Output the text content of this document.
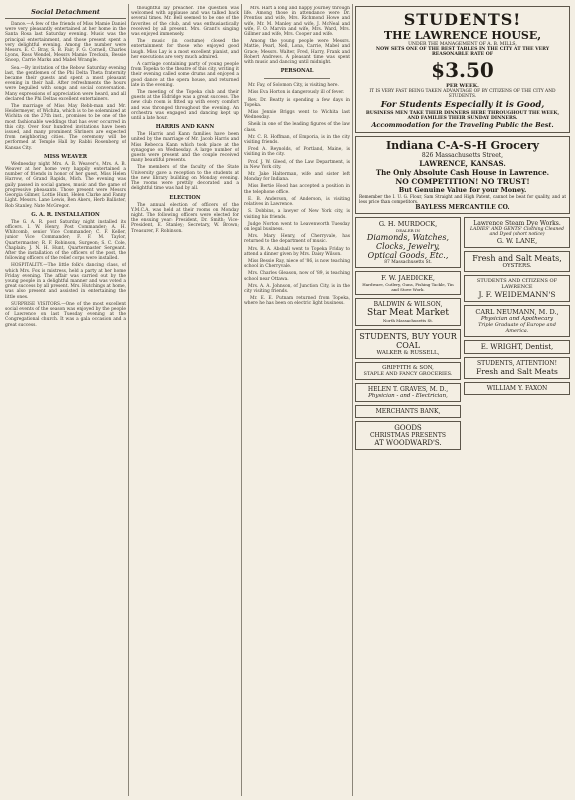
Social Detachment

Dance.—A few of the friends of Miss Mamie Daniel were very pleasantly entertained at her home in the Santa Rosa last Saturday evening. Music was the principal entertainment, and those present spent a very delightful evening. Among the number were Messrs. E. C. Bray, S. B. Fair, F. G. Cornell, Charles Lyons, Ross Wendel, Messrs Mamie Trecksin, Bessie Snoop, Carrie Marks and Mabel Wrangle.

Sea.—By invitation of the Rebow Saturday evening last, the gentlemen of the Phi Delta Theta fraternity became their guests and spent a most pleasant evening in their hall. After refreshments the hours were beguiled with songs and social conversation. Many expressions of appreciation were heard, and all declared the Phi Deltas excellent entertainers.

The marriage of Miss May Rebb-man and Mr. Heidermeyer, of Wichita, which is to be solemnized at Wichita on the 27th inst., promises to be one of the most fashionable weddings that has ever occurred in this city. Over four hundred invitations have been issued, and many prominent Shriners are expected from neighboring cities. The ceremony will be performed at Temple Hall by Rabbi Rosenberg of Kansas City.

MISS WEAVER

Wednesday night Mrs. A. B. Weaver's, Mrs. A. B. Weaver at her home very happily entertained a number of friends in honor of her guest, Miss Helen Harrow, of Grand Rapids, Mich. The evening was gaily passed in social games, music and the game of progressive pheasants. Those present were Messrs Georgia Gilmer, Lottie Hunt, Helen Clarke and Fanny Light. Messrs. Lane Lewis, Ben Akers, Herb Ballister, Rob Stanley, Nate McGregor.

G. A. R. INSTALLATION

The G. A. R. post Saturday night installed its officers. I. W. Henry, Post Commander; A. H. Whitcomb, senior Vice Commander; C. F. Keller, junior Vice Commander; F. F. M. Taylor, Quartermaster; R. F. Robinson, Surgeon; S. C. Cole, Chaplain; J. N. H. Hunt, Quartermaster Sergeant. After the installation of the officers of the post, the following officers of the relief corps were installed.

HOSPITALITY.—The little folk's dancing class, of which Mrs. Fox is mistress, held a party at her home Friday evening. The affair was carried out by the young people in a delightful manner and was voted a great success by all present. Mrs. Hutchings at home, was also present and assisted in entertaining the little ones.

SURPRISE VISITORS.—One of the most excellent social events of the season was enjoyed by the people of Lawrence on last Tuesday evening at the Congregational church. It was a gala occasion and a great success.

thoughtful lay preacher. The question was welcomed with applause and was talked back several times. Mr. Bell seemed to be one of the favorites of the club, and was enthusiastically received by all present. Mrs. Grant's singing was enjoyed immensely.

The music (in costume) closed the entertainment for those who enjoyed good laugh. Miss Lay is a most excellent pianist, and her executions are very much admired.

A carriage containing party of young people from Topeka to the theatre of this city, writing it their evening called some drums and enjoyed a good dance at the opera house, and returned late in the evening.

The meeting of the Topeka club and their guests at the Eldridge was a great success. The new club room is fitted up with every comfort and was thronged throughout the evening. An orchestra was engaged and dancing kept up until a late hour.

HARRIS AND KANN

The Harris and Kann families have been united by the marriage of Mr. Jacob Harris and Miss Rebecca Kann which took place at the synagogue on Wednesday. A large number of guests were present and the couple received many beautiful presents.

The members of the faculty of the State University gave a reception to the students at the new library building on Monday evening. The rooms were prettily decorated and a delightful time was had by all.

ELECTION

The annual election of officers of the Y.M.C.A. was held at their rooms on Monday night. The following officers were elected for the ensuing year: President, Dr. Smith; Vice-President, E. Stanley; Secretary, W. Brown; Treasurer, F. Robinson.

Mrs. Hart a long and happy journey through life. Among those in attendance were Dr. Prentiss and wife, Mrs. Richmond Howe and wife, Mr. M. Manley and wife, J. McNeal and wife, F. O. Marvin and wife, Mrs. Ward, Mrs. Gillmer and wife, Mrs. Cooper and wife.

Among the young people were Messrs. Mattie, Pearl, Nell, Lona, Carrie, Mabel and Grace; Messrs. Walter, Fred, Harry, Frank and Robert Andrews. A pleasant time was spent with music and dancing until midnight.

PERSONAL

Mr. Fay, of Solomon City, is visiting here.

Miss Eva Horton is dangerously ill of fever.

Rev. Dr. Beatty is spending a few days in Topeka.

Miss Jennie Briggs went to Wichita last Wednesday.

Sheik in one of the leading figures of the law class.

Mr. C. R. Hoffman, of Emporia, is in the city visiting friends.

Fred A. Reynolds, of Portland, Maine, is visiting in the city.

Prof. J. W. Gleed, of the Law Department, is in New York city.

Mr. Jake Halterman, wife and sister left Monday for Indiana.

Miss Bertie Hood has accepted a position in the telephone office.

E. B. Anderson, of Anderson, is visiting relatives in Lawrence.

S. Dobbins, a lawyer of New York city, is visiting his friends.

Judge Norton went to Leavenworth Tuesday on legal business.

Mrs. Mary Henry, of Cherryvale, has returned to the department of music.

Mrs. R. A. Abshall went to Topeka Friday to attend a dinner given by Mrs. Daisy Wilson.

Miss Bessie Ray, niece of '86, is now teaching school in Cherryvale.

Mrs. Charles Gleason, now of '89, is teaching school near Ottawa.

Mrs. A. A. Johnson, of Junction City, is in the city visiting friends.

Mr. E. E. Putnam returned from Topeka, where he has been on electric light business.

STUDENTS!
THE LAWRENCE HOUSE,
UNDER THE MANAGEMENT OF A. B. MILLS,
NOW SETS ONE OF THE BEST TABLES IN THE CITY AT THE VERY REASONABLE RATE OF
$3.50
PER WEEK.
IT IS VERY FAST BEING TAKEN ADVANTAGE OF BY CITIZENS OF THE CITY AND STUDENTS.
For Students Especially it is Good,
BUSINESS MEN TAKE THEIR DINNERS HERE THROUGHOUT THE WEEK, AND FAMILIES THEIR SUNDAY DINNERS.
Accommodation for the Traveling Public the Best.
Indiana C-A-S-H Grocery
826 Massachusetts Street,
LAWRENCE, KANSAS.
The Only Absolute Cash House in Lawrence.
NO COMPETITION! NO TRUST!
But Genuine Value for your Money.
Remember the I. U. G. Flour, Sam Straight and High Patent, cannot be beat for quality, and at less price than competitors.
BAYLESS MERCANTILE CO.
G. H. MURDOCK,
DEALER IN
Diamonds, Watches, Clocks, Jewelry,
Optical Goods, Etc.,
87 Massachusetts St.
F. W. JAEDICKE,
Hardware, Cutlery, Guns, Fishing Tackle, Tin and Stove Work.
BALDWIN & WILSON,
Star Meat Market
North Massachusetts St.
STUDENTS, BUY YOUR COAL
WALKER & RUSSELL,
GRIFFITH & SON,
STAPLE AND FANCY GROCERIES.
HELEN T. GRAVES, M. D.,
Physician - and - Electrician,
MERCHANTS BANK,
GOODS
CHRISTMAS PRESENTS
AT WOODWARD'S.
Lawrence Steam Dye Works.
LADIES' AND GENTS' Clothing Cleaned and Dyed (short notice)
G. W. LANE,
Fresh and Salt Meats,
OYSTERS.
STUDENTS AND CITIZENS OF LAWRENCE
J. F. WEIDEMANN'S
CARL NEUMANN, M. D.,
Physician and Apothecary
Triple Graduate of Europe and America.
E. WRIGHT, Dentist,
STUDENTS, ATTENTION!
Fresh and Salt Meats
WILLIAM Y. FAXON
